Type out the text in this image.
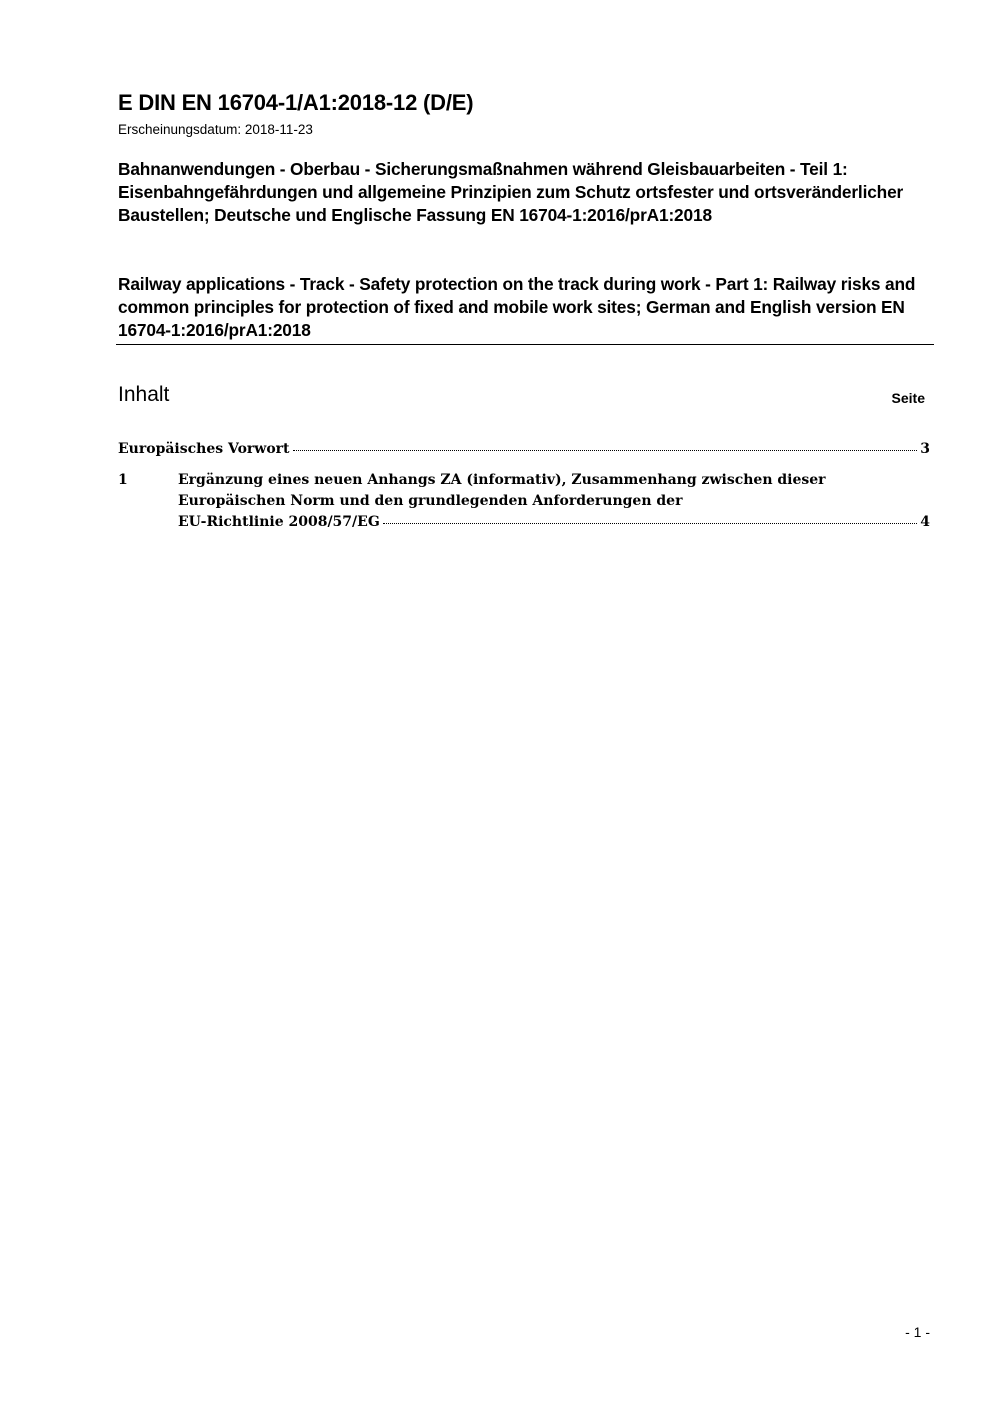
E DIN EN 16704-1/A1:2018-12 (D/E)
Erscheinungsdatum: 2018-11-23
Bahnanwendungen - Oberbau - Sicherungsmaßnahmen während Gleisbauarbeiten - Teil 1: Eisenbahngefährdungen und allgemeine Prinzipien zum Schutz ortsfester und ortsveränderlicher Baustellen; Deutsche und Englische Fassung EN 16704-1:2016/prA1:2018
Railway applications - Track - Safety protection on the track during work - Part 1: Railway risks and common principles for protection of fixed and mobile work sites; German and English version EN 16704-1:2016/prA1:2018
Inhalt	Seite
Europäisches Vorwort	3
1	Ergänzung eines neuen Anhangs ZA (informativ), Zusammenhang zwischen dieser
Europäischen Norm und den grundlegenden Anforderungen der
EU-Richtlinie 2008/57/EG	4
- 1 -
